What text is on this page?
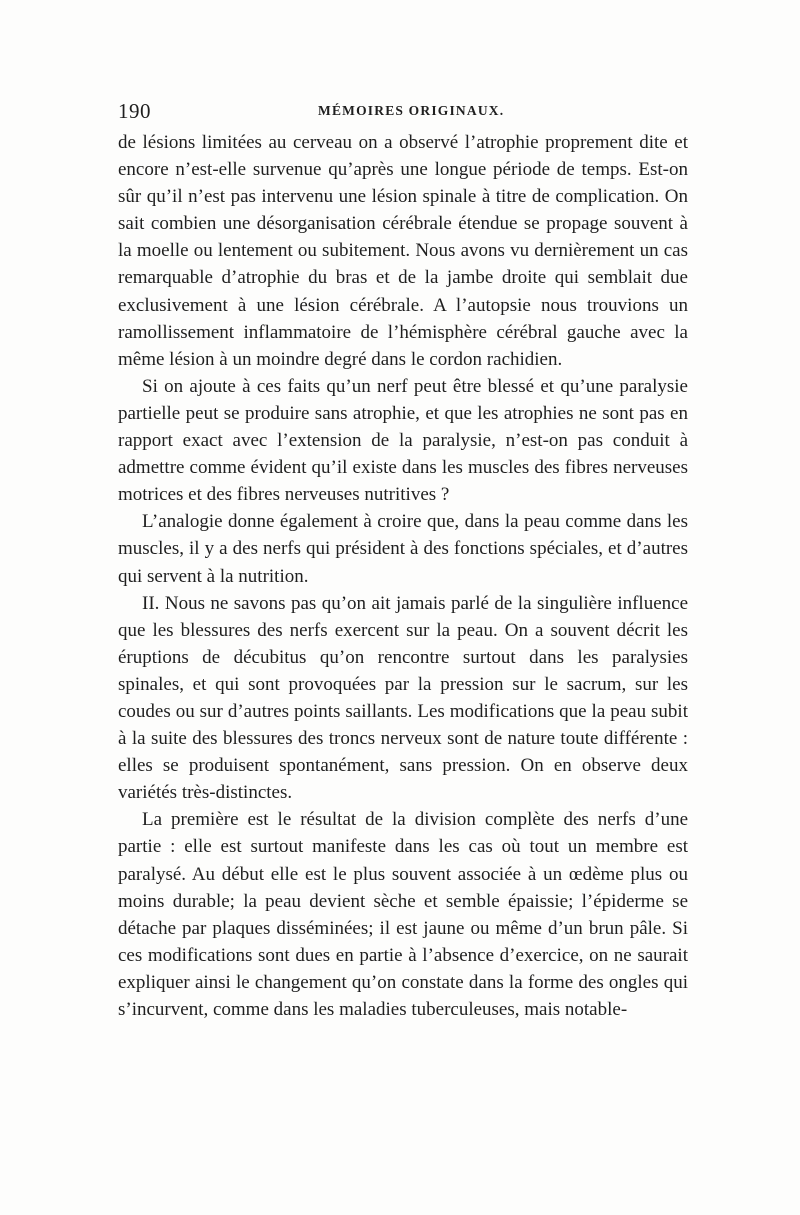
190	MÉMOIRES ORIGINAUX.

de lésions limitées au cerveau on a observé l’atrophie proprement dite et encore n’est-elle survenue qu’après une longue période de temps. Est-on sûr qu’il n’est pas intervenu une lésion spinale à titre de complication. On sait combien une désorganisation cérébrale étendue se propage souvent à la moelle ou lentement ou subitement. Nous avons vu dernièrement un cas remarquable d’atrophie du bras et de la jambe droite qui semblait due exclusivement à une lésion cérébrale. A l’autopsie nous trouvions un ramollissement inflammatoire de l’hémisphère cérébral gauche avec la même lésion à un moindre degré dans le cordon rachidien.

Si on ajoute à ces faits qu’un nerf peut être blessé et qu’une paralysie partielle peut se produire sans atrophie, et que les atrophies ne sont pas en rapport exact avec l’extension de la paralysie, n’est-on pas conduit à admettre comme évident qu’il existe dans les muscles des fibres nerveuses motrices et des fibres nerveuses nutritives ?

L’analogie donne également à croire que, dans la peau comme dans les muscles, il y a des nerfs qui président à des fonctions spéciales, et d’autres qui servent à la nutrition.

II. Nous ne savons pas qu’on ait jamais parlé de la singulière influence que les blessures des nerfs exercent sur la peau. On a souvent décrit les éruptions de décubitus qu’on rencontre surtout dans les paralysies spinales, et qui sont provoquées par la pression sur le sacrum, sur les coudes ou sur d’autres points saillants. Les modifications que la peau subit à la suite des blessures des troncs nerveux sont de nature toute différente : elles se produisent spontanément, sans pression. On en observe deux variétés très-distinctes.

La première est le résultat de la division complète des nerfs d’une partie : elle est surtout manifeste dans les cas où tout un membre est paralysé. Au début elle est le plus souvent associée à un œdème plus ou moins durable; la peau devient sèche et semble épaissie; l’épiderme se détache par plaques disséminées; il est jaune ou même d’un brun pâle. Si ces modifications sont dues en partie à l’absence d’exercice, on ne saurait expliquer ainsi le changement qu’on constate dans la forme des ongles qui s’incurvent, comme dans les maladies tuberculeuses, mais notable-
